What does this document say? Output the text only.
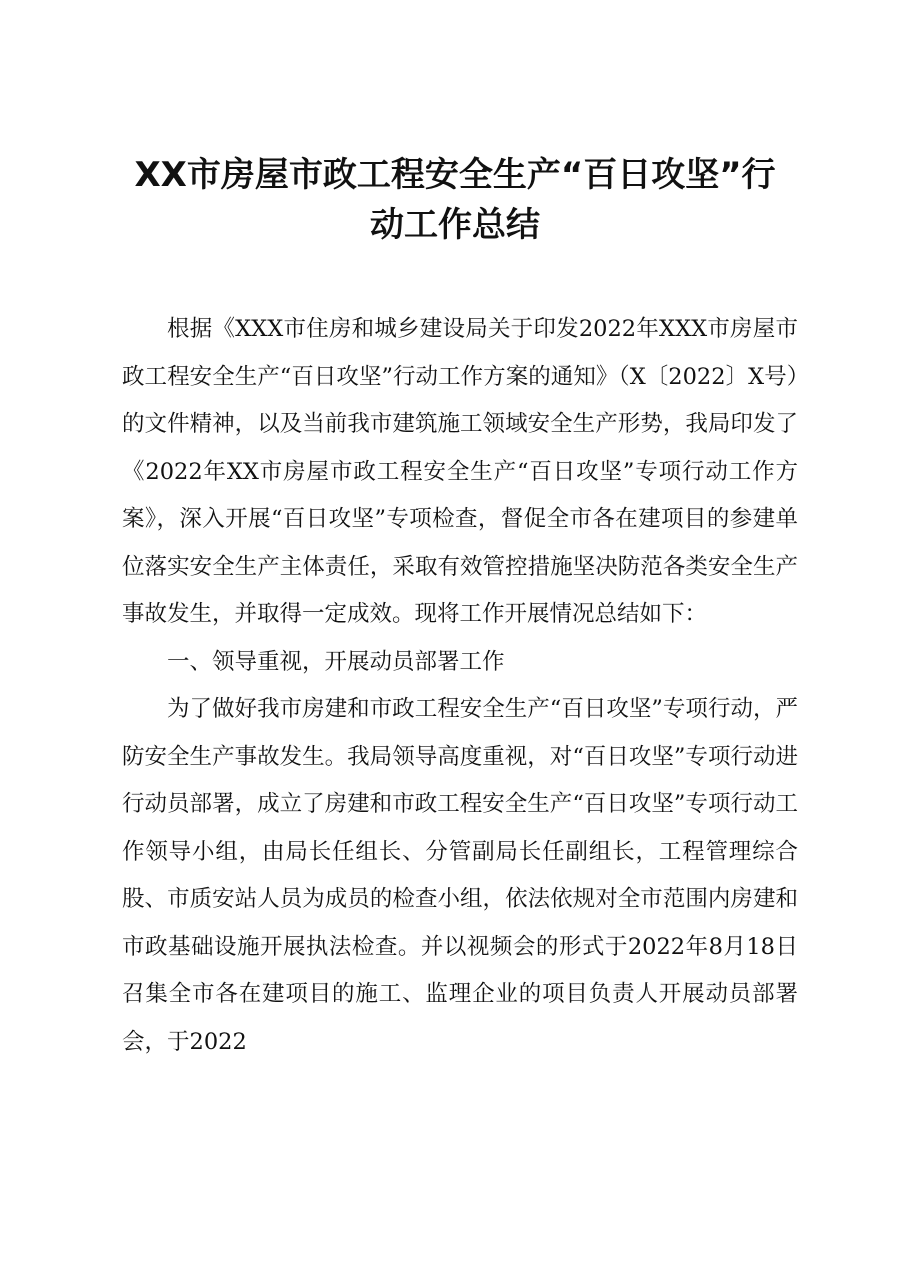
XX市房屋市政工程安全生产“百日攻坚”行
动工作总结

根据《XXX市住房和城乡建设局关于印发2022年XXX市房屋市政工程安全生产“百日攻坚”行动工作方案的通知》（X〔2022〕X号）的文件精神，以及当前我市建筑施工领域安全生产形势，我局印发了《2022年XX市房屋市政工程安全生产“百日攻坚”专项行动工作方案》，深入开展“百日攻坚”专项检查，督促全市各在建项目的参建单位落实安全生产主体责任，采取有效管控措施坚决防范各类安全生产事故发生，并取得一定成效。现将工作开展情况总结如下：

一、领导重视，开展动员部署工作

为了做好我市房建和市政工程安全生产“百日攻坚”专项行动，严防安全生产事故发生。我局领导高度重视，对“百日攻坚”专项行动进行动员部署，成立了房建和市政工程安全生产“百日攻坚”专项行动工作领导小组，由局长任组长、分管副局长任副组长，工程管理综合股、市质安站人员为成员的检查小组，依法依规对全市范围内房建和市政基础设施开展执法检查。并以视频会的形式于2022年8月18日召集全市各在建项目的施工、监理企业的项目负责人开展动员部署会，于2022
